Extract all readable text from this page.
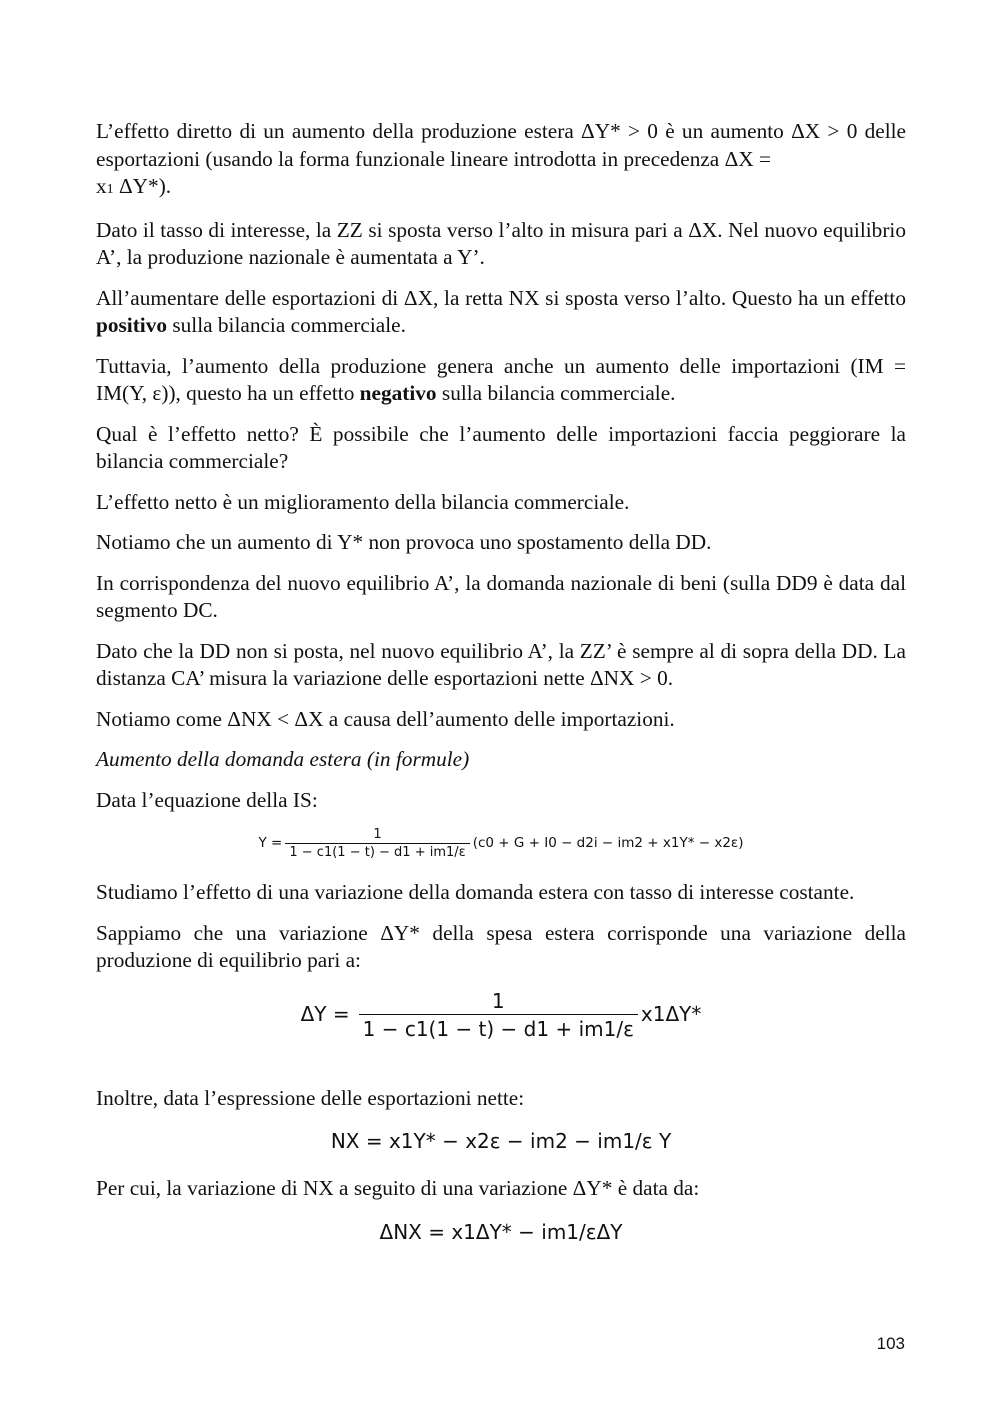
L’effetto diretto di un aumento della produzione estera ΔY* > 0 è un aumento ΔX > 0 delle esportazioni (usando la forma funzionale lineare introdotta in precedenza ΔX =
x1 ΔY*).

Dato il tasso di interesse, la ZZ si sposta verso l’alto in misura pari a ΔX. Nel nuovo equilibrio A’, la produzione nazionale è aumentata a Y’.

All’aumentare delle esportazioni di ΔX, la retta NX si sposta verso l’alto. Questo ha un effetto positivo sulla bilancia commerciale.

Tuttavia, l’aumento della produzione genera anche un aumento delle importazioni (IM = IM(Y, ε)), questo ha un effetto negativo sulla bilancia commerciale.

Qual è l’effetto netto? È possibile che l’aumento delle importazioni faccia peggiorare la bilancia commerciale?

L’effetto netto è un miglioramento della bilancia commerciale.

Notiamo che un aumento di Y* non provoca uno spostamento della DD.

In corrispondenza del nuovo equilibrio A’, la domanda nazionale di beni (sulla DD9 è data dal segmento DC.

Dato che la DD non si posta, nel nuovo equilibrio A’, la ZZ’ è sempre al di sopra della DD. La distanza CA’ misura la variazione delle esportazioni nette ΔNX > 0.

Notiamo come ΔNX < ΔX a causa dell’aumento delle importazioni.

Aumento della domanda estera (in formule)

Data l’equazione della IS:

$Y = \frac{1}{1 - c1(1 - t) - d1 + im1/\varepsilon} (c0 + G + I0 - d2i - im2 + x1Y* - x2\varepsilon)$

Studiamo l’effetto di una variazione della domanda estera con tasso di interesse costante.

Sappiamo che una variazione ΔY* della spesa estera corrisponde una variazione della produzione di equilibrio pari a:

$\Delta Y = \frac{1}{1 - c1(1 - t) - d1 + im1/\varepsilon} x1\Delta Y*$

Inoltre, data l’espressione delle esportazioni nette:

NX = x1Y* − x2ε − im2 − im1/ε Y

Per cui, la variazione di NX a seguito di una variazione ΔY* è data da:

ΔNX = x1ΔY* − im1/εΔY
103
